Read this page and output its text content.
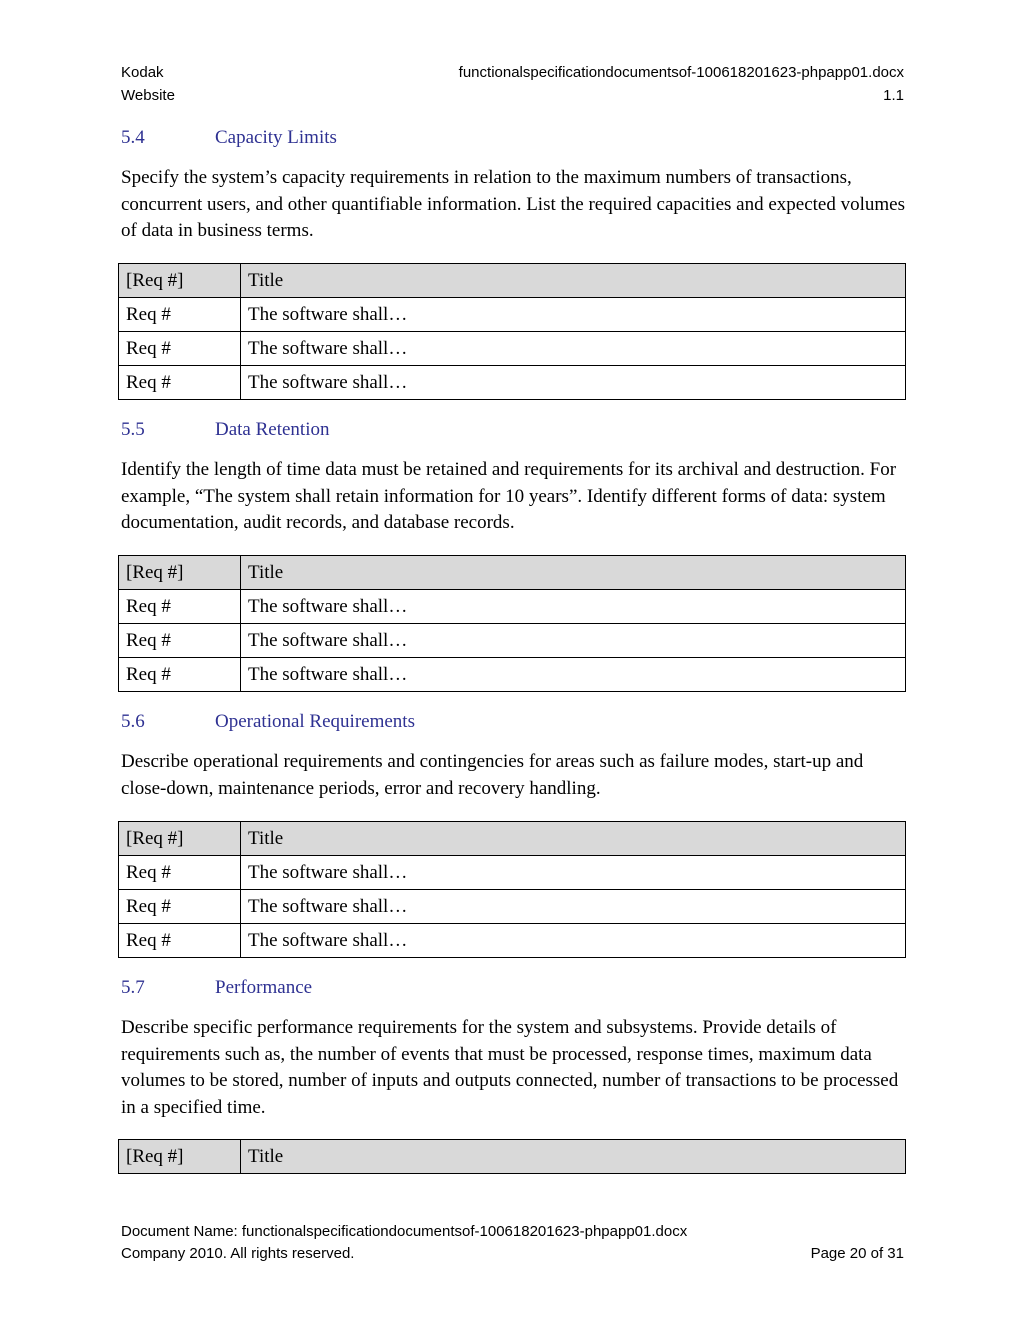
Kodak
Website
functionalspecificationdocumentsof-100618201623-phpapp01.docx
1.1
5.4	Capacity Limits
Specify the system’s capacity requirements in relation to the maximum numbers of transactions, concurrent users, and other quantifiable information. List the required capacities and expected volumes of data in business terms.
[Req #]	Title
Req #	The software shall…
Req #	The software shall…
Req #	The software shall…
5.5	Data Retention
Identify the length of time data must be retained and requirements for its archival and destruction. For example, “The system shall retain information for 10 years”. Identify different forms of data: system documentation, audit records, and database records.
[Req #]	Title
Req #	The software shall…
Req #	The software shall…
Req #	The software shall…
5.6	Operational Requirements
Describe operational requirements and contingencies for areas such as failure modes, start-up and close-down, maintenance periods, error and recovery handling.
[Req #]	Title
Req #	The software shall…
Req #	The software shall…
Req #	The software shall…
5.7	Performance
Describe specific performance requirements for the system and subsystems. Provide details of requirements such as, the number of events that must be processed, response times, maximum data volumes to be stored, number of inputs and outputs connected, number of transactions to be processed in a specified time.
[Req #]	Title
Document Name: functionalspecificationdocumentsof-100618201623-phpapp01.docx
Company 2010. All rights reserved.	Page 20 of 31
